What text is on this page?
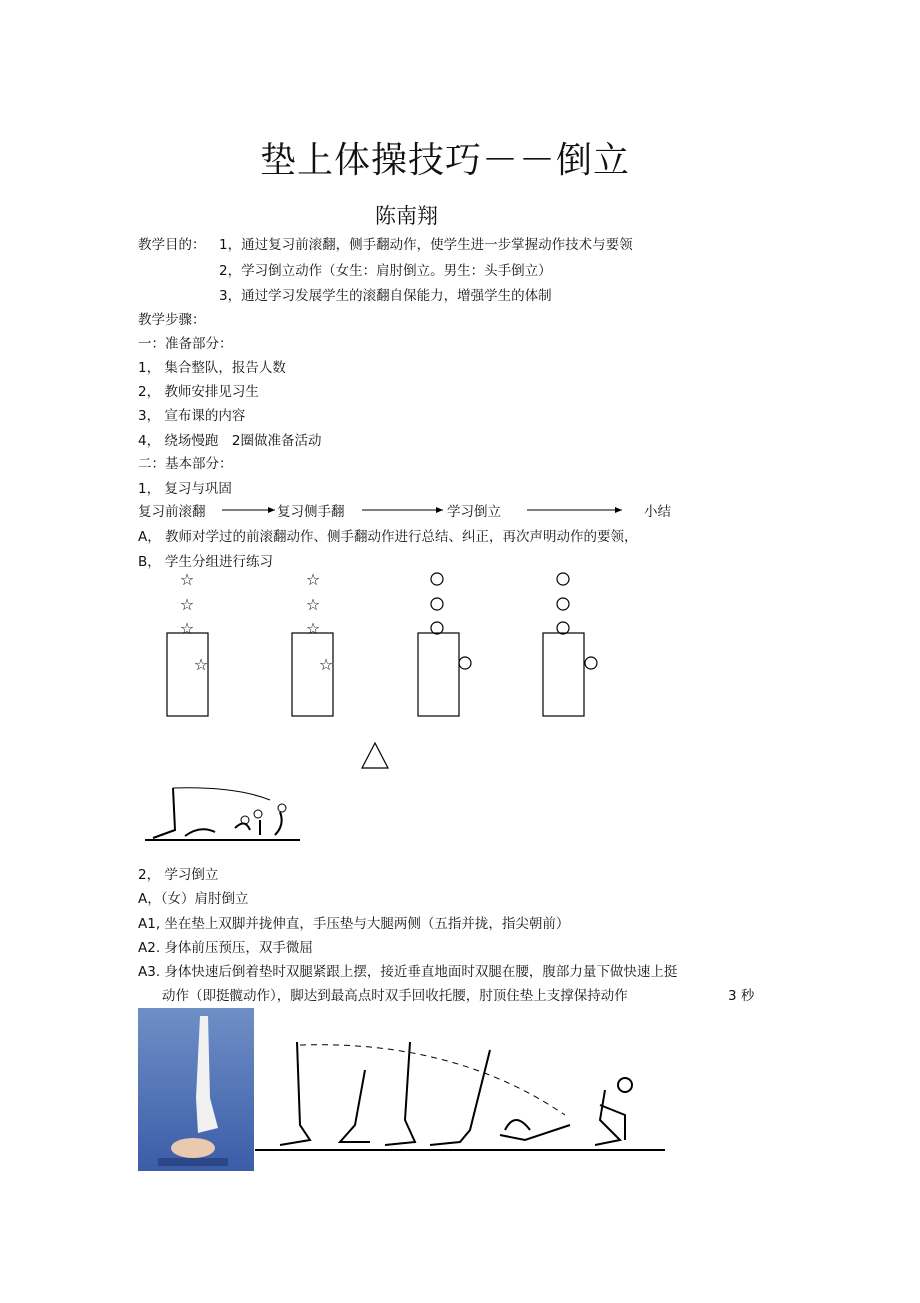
垫上体操技巧－－倒立
陈南翔
教学目的： 1，通过复习前滚翻，侧手翻动作，使学生进一步掌握动作技术与要领
2，学习倒立动作（女生：肩肘倒立。男生：头手倒立）
3，通过学习发展学生的滚翻自保能力，增强学生的体制
教学步骤：
一：准备部分：
1， 集合整队，报告人数
2， 教师安排见习生
3， 宣布课的内容
4， 绕场慢跑　2圈做准备活动
二：基本部分：
1， 复习与巩固
复习前滚翻	复习侧手翻	学习倒立	小结
A， 教师对学过的前滚翻动作、侧手翻动作进行总结、纠正，再次声明动作的要领，
B， 学生分组进行练习
☆
☆
☆
☆
☆
☆
☆
☆
2， 学习倒立
A，（女）肩肘倒立
A1, 坐在垫上双脚并拢伸直，手压垫与大腿两侧（五指并拢，指尖朝前）
A2. 身体前压预压，双手微屈
A3. 身体快速后倒着垫时双腿紧跟上摆，接近垂直地面时双腿在腰，腹部力量下做快速上挺
动作（即挺髋动作），脚达到最高点时双手回收托腰，肘顶住垫上支撑保持动作	3 秒
